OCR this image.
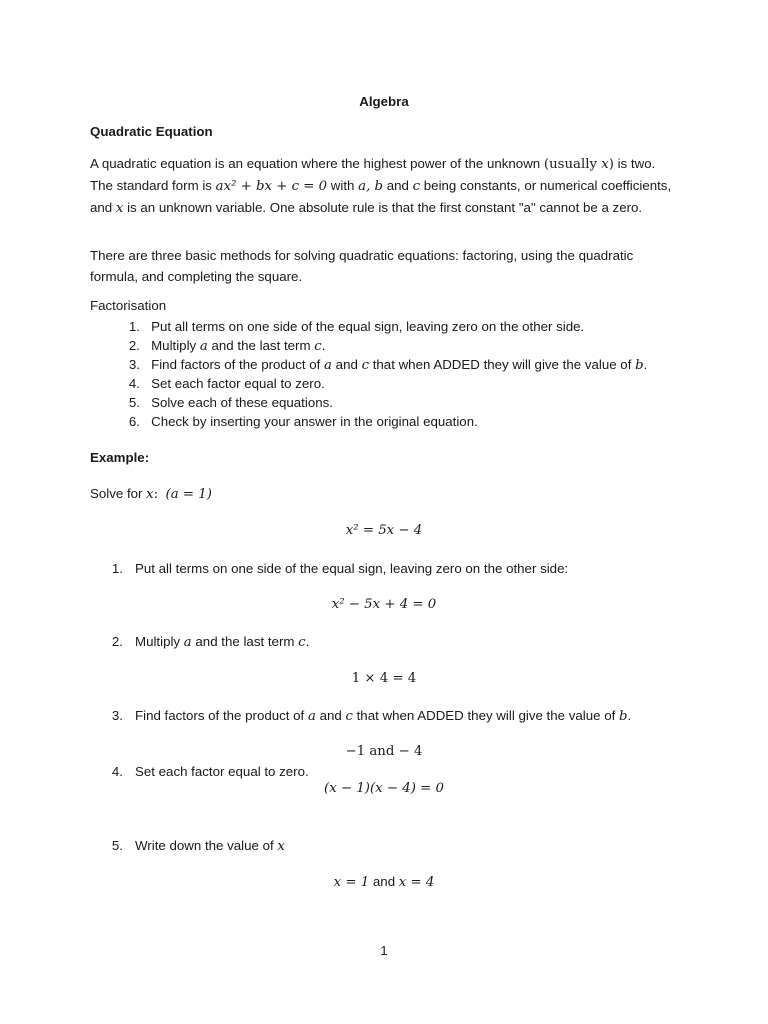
Algebra

Quadratic Equation

A quadratic equation is an equation where the highest power of the unknown (usually x) is two. The standard form is ax² + bx + c = 0 with a, b and c being constants, or numerical coefficients, and x is an unknown variable. One absolute rule is that the first constant "a" cannot be a zero.

There are three basic methods for solving quadratic equations: factoring, using the quadratic formula, and completing the square.

Factorisation

1. Put all terms on one side of the equal sign, leaving zero on the other side.
2. Multiply a and the last term c.
3. Find factors of the product of a and c that when ADDED they will give the value of b.
4. Set each factor equal to zero.
5. Solve each of these equations.
6. Check by inserting your answer in the original equation.

Example:

Solve for x: (a = 1)

x² = 5x − 4

1. Put all terms on one side of the equal sign, leaving zero on the other side:

x² − 5x + 4 = 0

2. Multiply a and the last term c.

1 × 4 = 4

3. Find factors of the product of a and c that when ADDED they will give the value of b.

−1 and − 4

4. Set each factor equal to zero.

(x − 1)(x − 4) = 0

5. Write down the value of x

x = 1 and x = 4

1
